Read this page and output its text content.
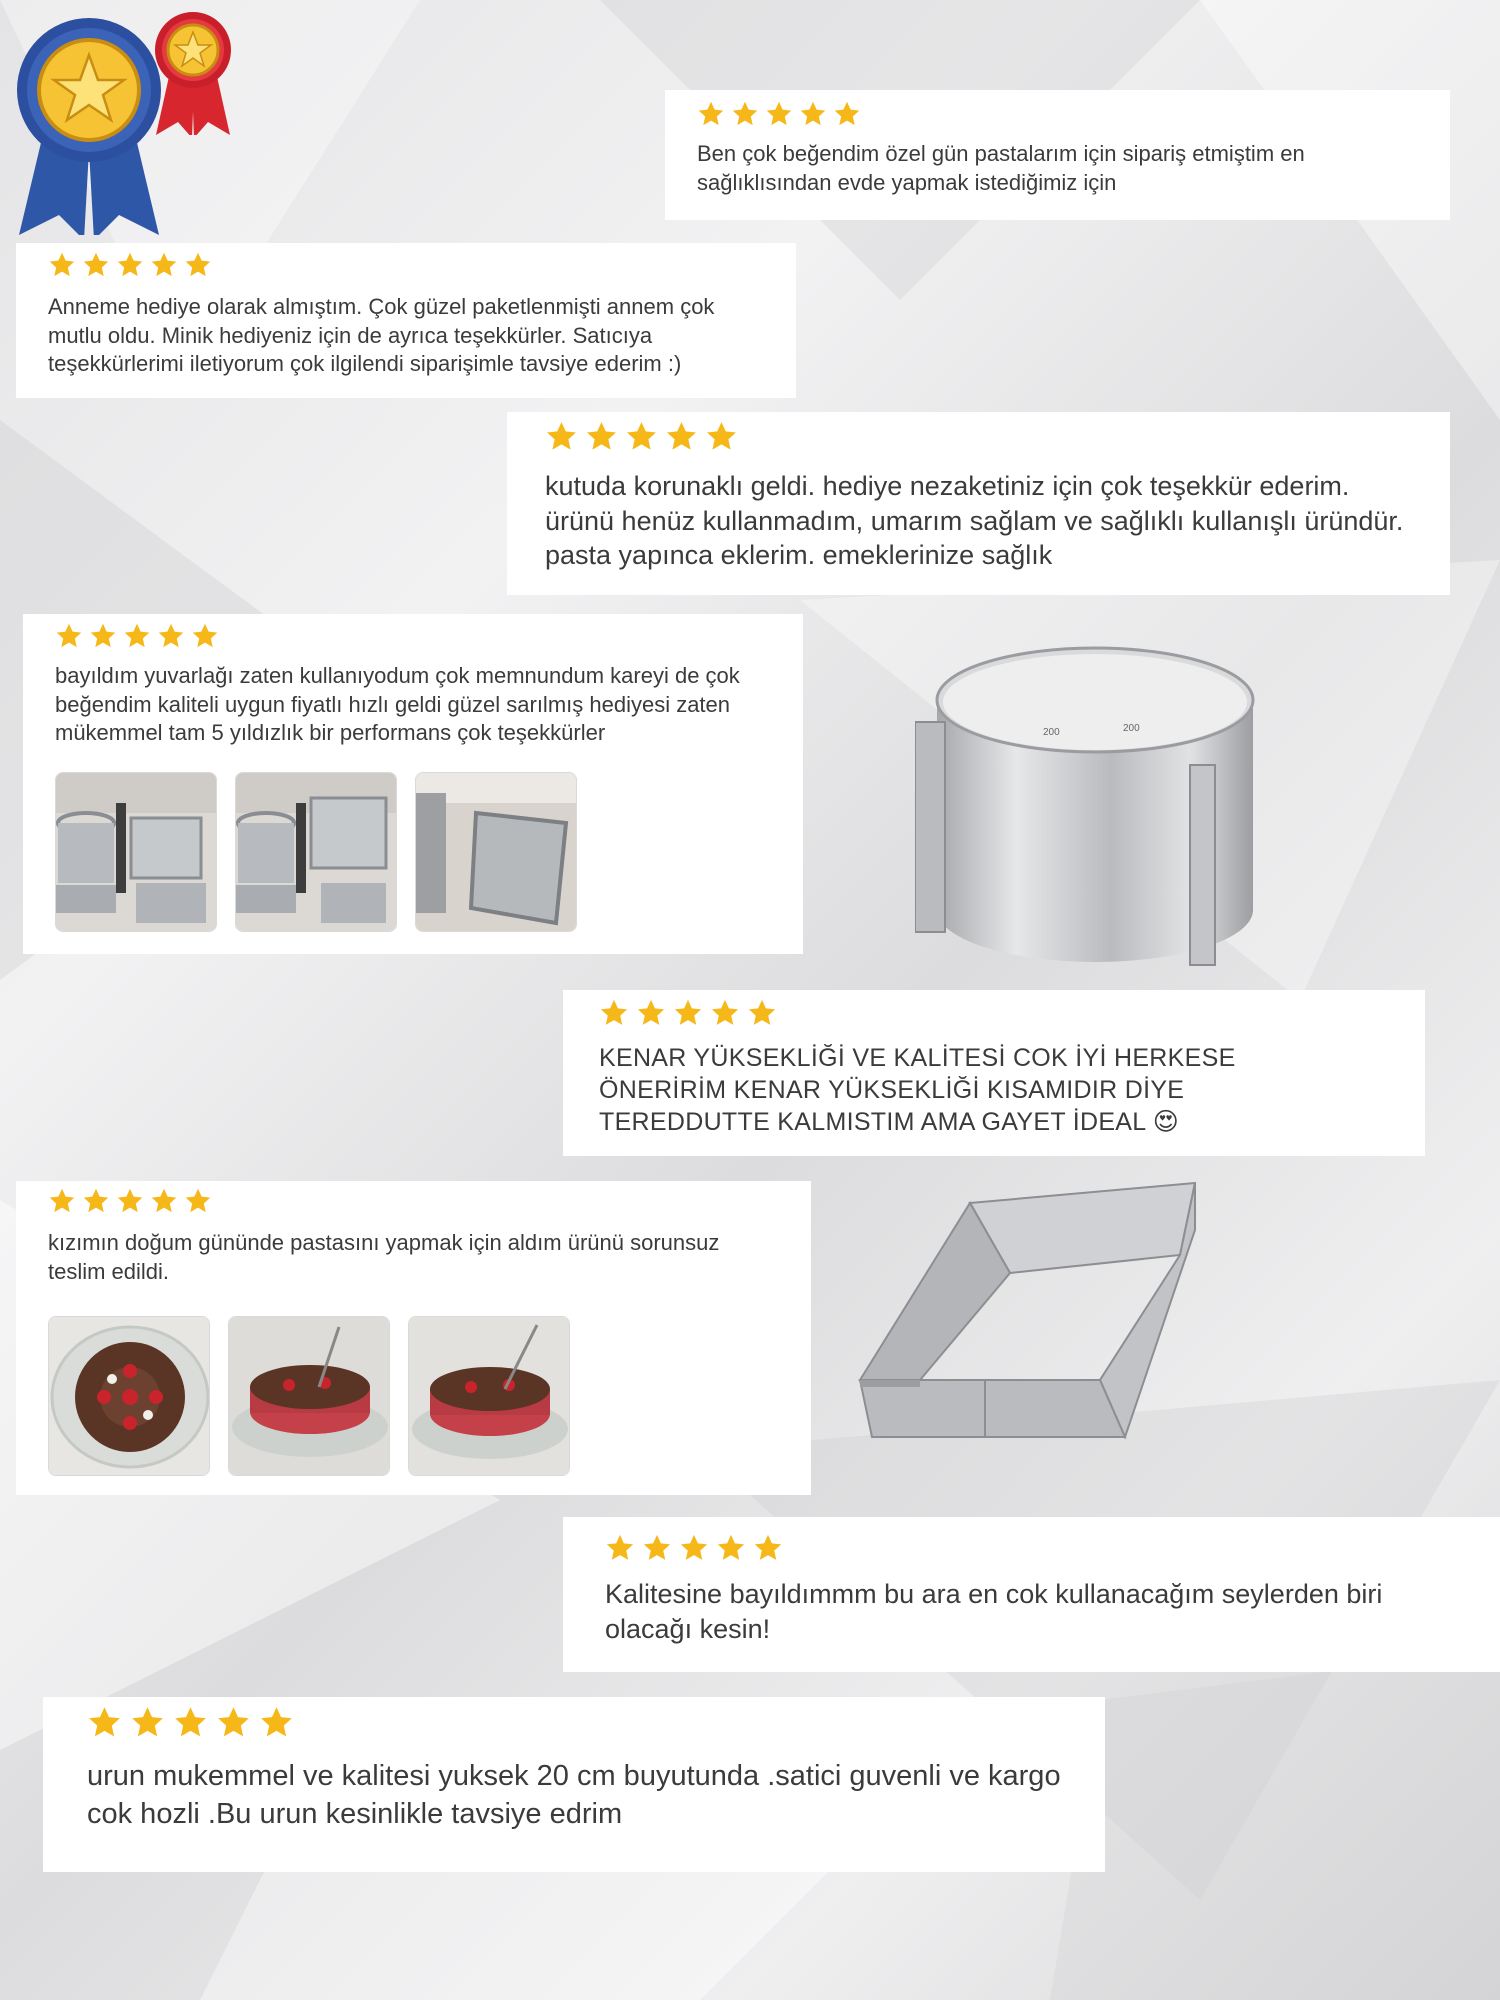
Ben çok beğendim özel gün pastalarım için sipariş etmiştim en sağlıklısından evde yapmak istediğimiz için
Anneme hediye olarak almıştım. Çok güzel paketlenmişti annem çok mutlu oldu. Minik hediyeniz için de ayrıca teşekkürler. Satıcıya teşekkürlerimi iletiyorum çok ilgilendi siparişimle tavsiye ederim :)
kutuda korunaklı geldi. hediye nezaketiniz için çok teşekkür ederim. ürünü henüz kullanmadım, umarım sağlam ve sağlıklı kullanışlı üründür. pasta yapınca eklerim. emeklerinize sağlık
bayıldım yuvarlağı zaten kullanıyodum çok memnundum kareyi de çok beğendim kaliteli uygun fiyatlı hızlı geldi güzel sarılmış hediyesi zaten mükemmel tam 5 yıldızlık bir performans çok teşekkürler	200	200
KENAR YÜKSEKLİĞİ VE KALİTESİ COK İYİ HERKESE ÖNERİRİM KENAR YÜKSEKLİĞİ KISAMIDIR DİYE TEREDDUTTE KALMISTIM AMA GAYET İDEAL 😍
kızımın doğum gününde pastasını yapmak için aldım ürünü sorunsuz teslim edildi.
Kalitesine bayıldımmm bu ara en cok kullanacağım seylerden biri olacağı kesin!
urun mukemmel ve kalitesi yuksek 20 cm buyutunda .satici guvenli ve kargo cok hozli .Bu urun kesinlikle tavsiye edrim
